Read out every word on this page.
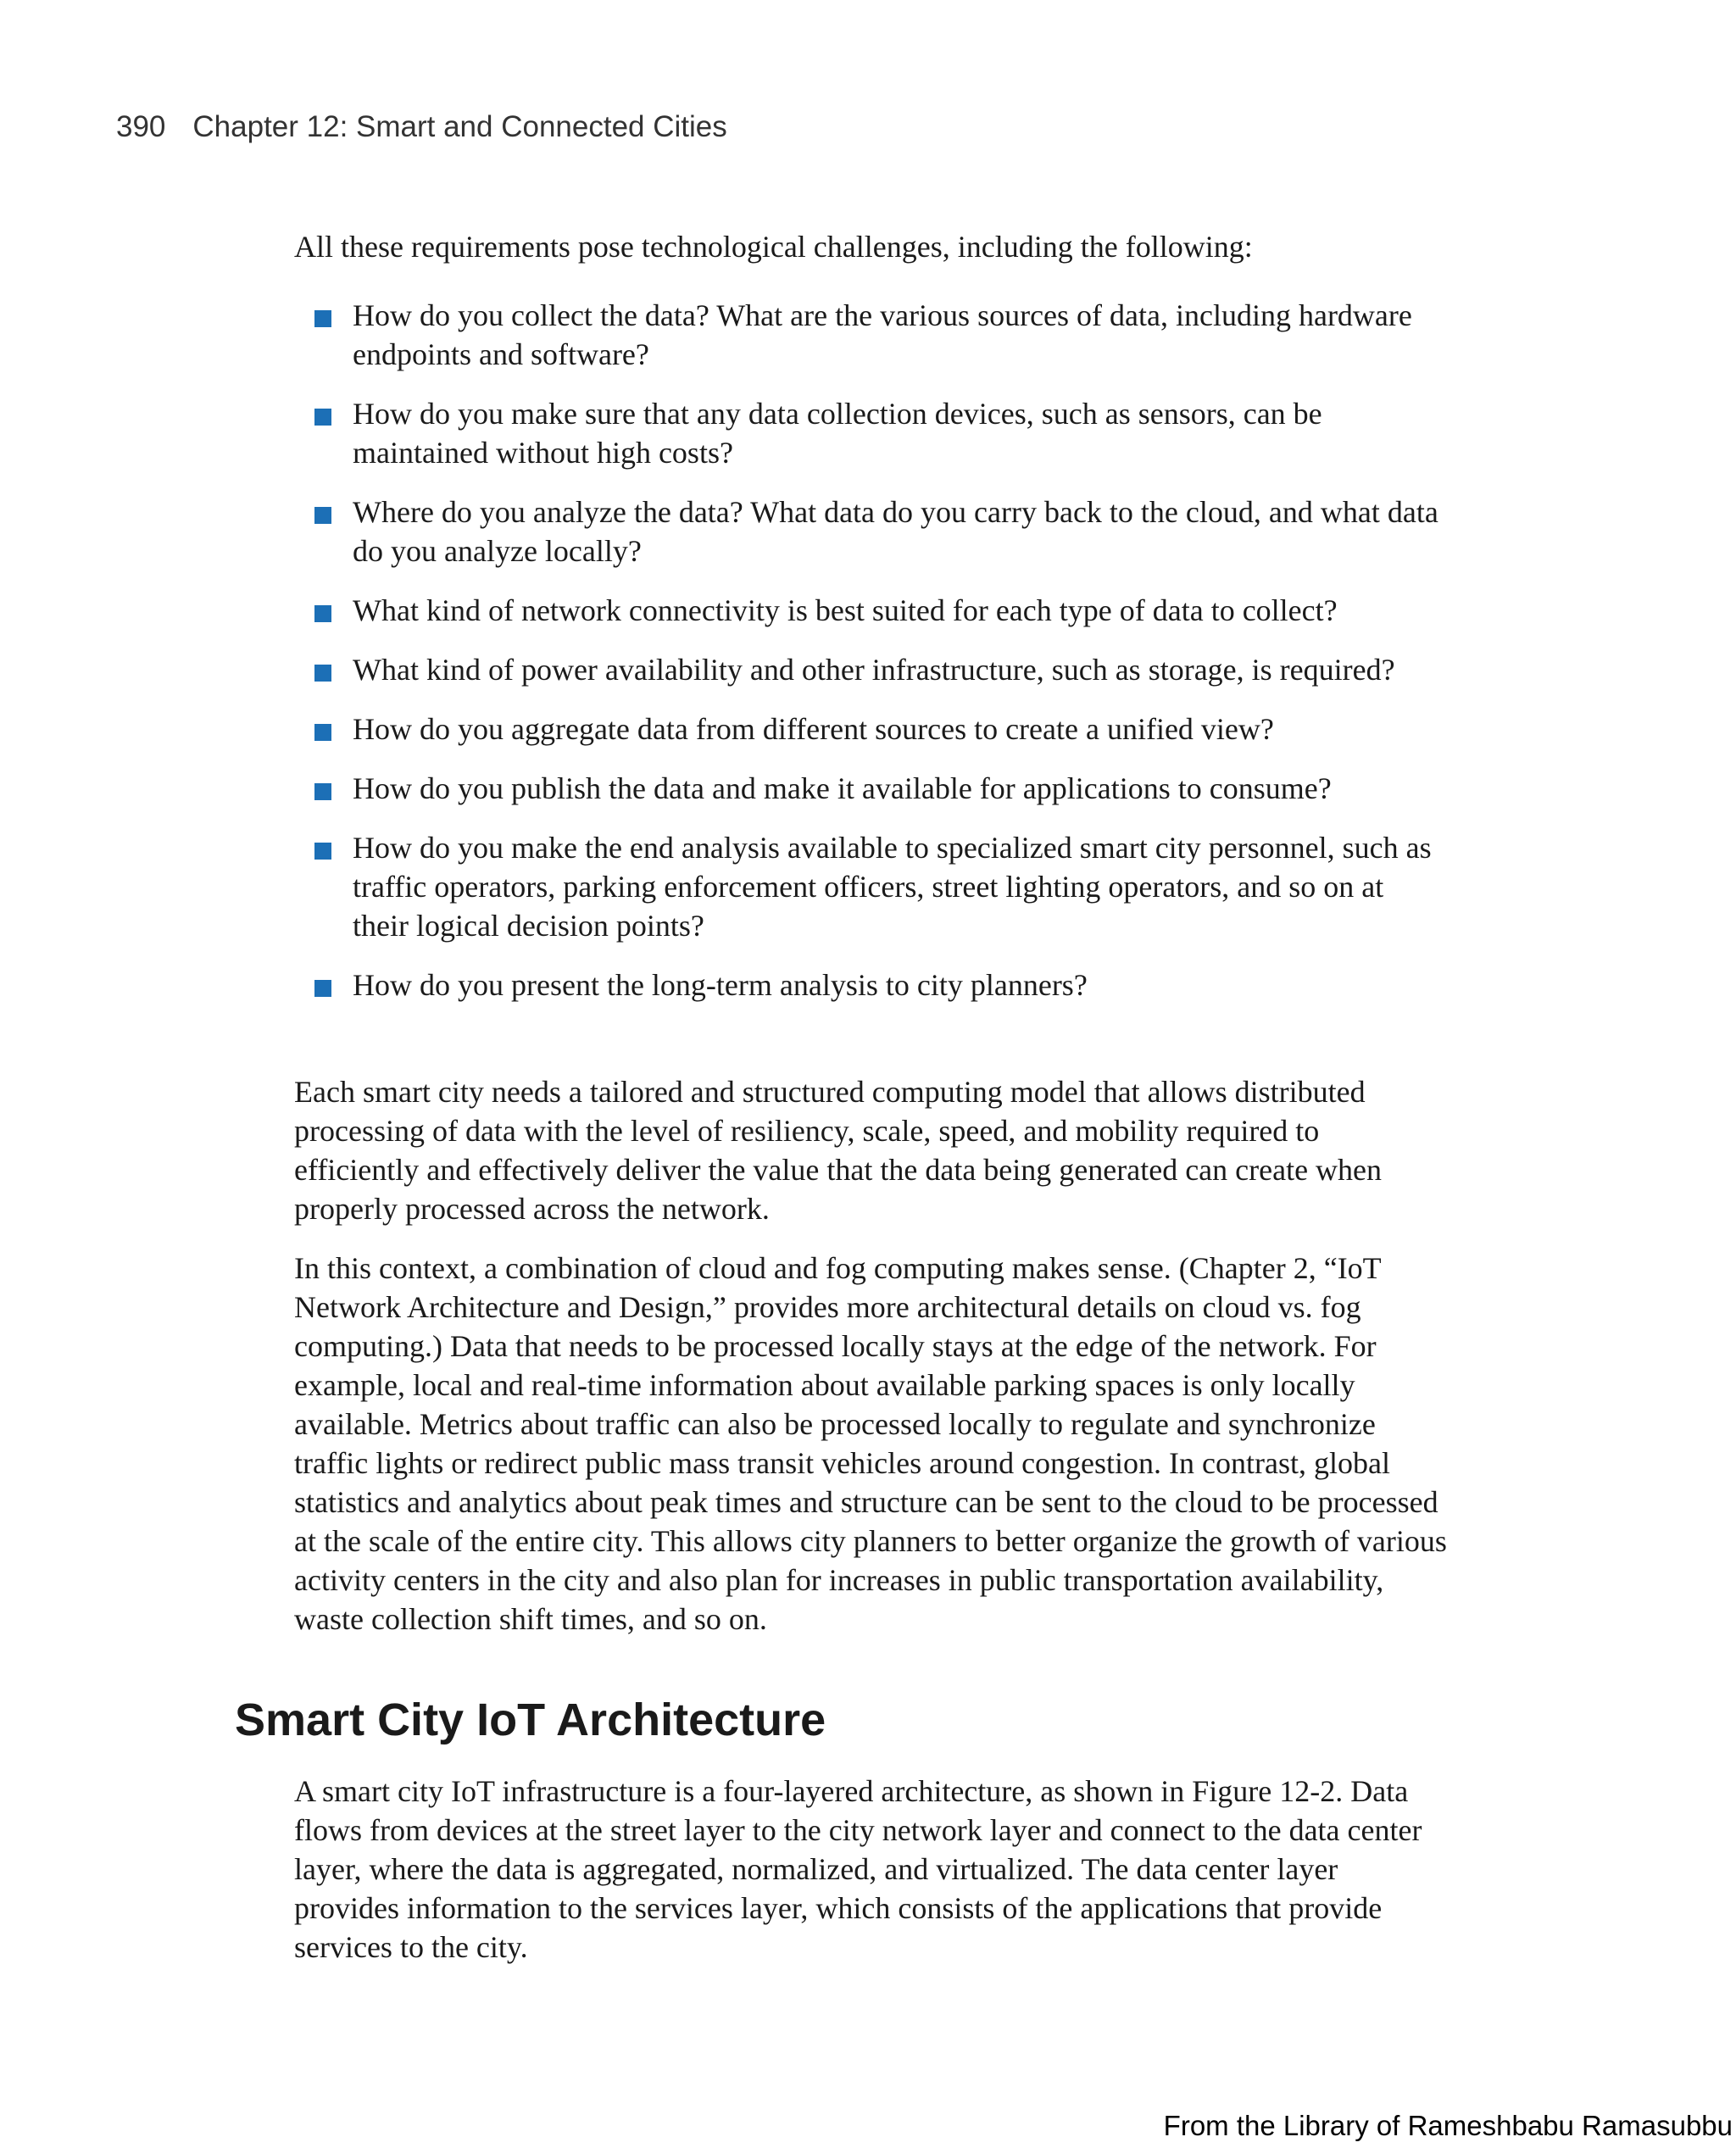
390 Chapter 12: Smart and Connected Cities

All these requirements pose technological challenges, including the following:

How do you collect the data? What are the various sources of data, including hardware endpoints and software?
How do you make sure that any data collection devices, such as sensors, can be maintained without high costs?
Where do you analyze the data? What data do you carry back to the cloud, and what data do you analyze locally?
What kind of network connectivity is best suited for each type of data to collect?
What kind of power availability and other infrastructure, such as storage, is required?
How do you aggregate data from different sources to create a unified view?
How do you publish the data and make it available for applications to consume?
How do you make the end analysis available to specialized smart city personnel, such as traffic operators, parking enforcement officers, street lighting operators, and so on at their logical decision points?
How do you present the long-term analysis to city planners?

Each smart city needs a tailored and structured computing model that allows distributed processing of data with the level of resiliency, scale, speed, and mobility required to efficiently and effectively deliver the value that the data being generated can create when properly processed across the network.

In this context, a combination of cloud and fog computing makes sense. (Chapter 2, “IoT Network Architecture and Design,” provides more architectural details on cloud vs. fog computing.) Data that needs to be processed locally stays at the edge of the network. For example, local and real-time information about available parking spaces is only locally available. Metrics about traffic can also be processed locally to regulate and synchronize traffic lights or redirect public mass transit vehicles around congestion. In contrast, global statistics and analytics about peak times and structure can be sent to the cloud to be processed at the scale of the entire city. This allows city planners to better organize the growth of various activity centers in the city and also plan for increases in public transportation availability, waste collection shift times, and so on.

Smart City IoT Architecture

A smart city IoT infrastructure is a four-layered architecture, as shown in Figure 12-2. Data flows from devices at the street layer to the city network layer and connect to the data center layer, where the data is aggregated, normalized, and virtualized. The data center layer provides information to the services layer, which consists of the applications that provide services to the city.

From the Library of Rameshbabu Ramasubbu
